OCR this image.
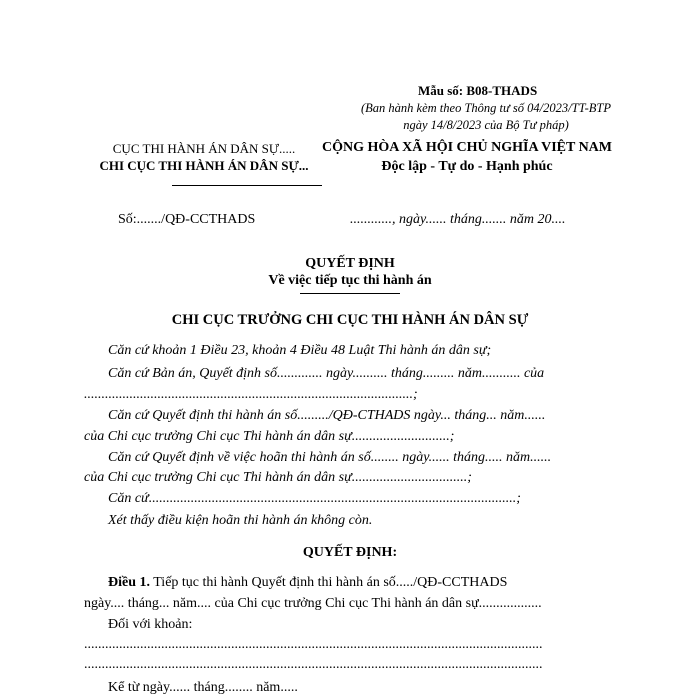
Mẫu số: B08-THADS
(Ban hành kèm theo Thông tư số 04/2023/TT-BTP
ngày 14/8/2023 của Bộ Tư pháp)
CỤC THI HÀNH ÁN DÂN SỰ.....
CHI CỤC THI HÀNH ÁN DÂN SỰ...
CỘNG HÒA XÃ HỘI CHỦ NGHĨA VIỆT NAM
Độc lập - Tự do - Hạnh phúc
Số:......./QĐ-CCTHADS	............, ngày...... tháng....... năm 20....
QUYẾT ĐỊNH
Về việc tiếp tục thi hành án
CHI CỤC TRƯỞNG CHI CỤC THI HÀNH ÁN DÂN SỰ
Căn cứ khoản 1 Điều 23, khoản 4 Điều 48 Luật Thi hành án dân sự;
Căn cứ Bản án, Quyết định số............. ngày.......... tháng......... năm........... của
..............................................................................................;
Căn cứ Quyết định thi hành án số........./QĐ-CTHADS ngày... tháng... năm......
của Chi cục trưởng Chi cục Thi hành án dân sự............................;
Căn cứ Quyết định về việc hoãn thi hành án số........ ngày...... tháng..... năm......
của Chi cục trưởng Chi cục Thi hành án dân sự.................................;
Căn cứ.........................................................................................................;
Xét thấy điều kiện hoãn thi hành án không còn.
QUYẾT ĐỊNH:
Điều 1. Tiếp tục thi hành Quyết định thi hành án số...../QĐ-CCTHADS
ngày.... tháng... năm.... của Chi cục trưởng Chi cục Thi hành án dân sự..................
Đối với khoản:
...................................................................................................................................
...................................................................................................................................
Kể từ ngày...... tháng........ năm.....
